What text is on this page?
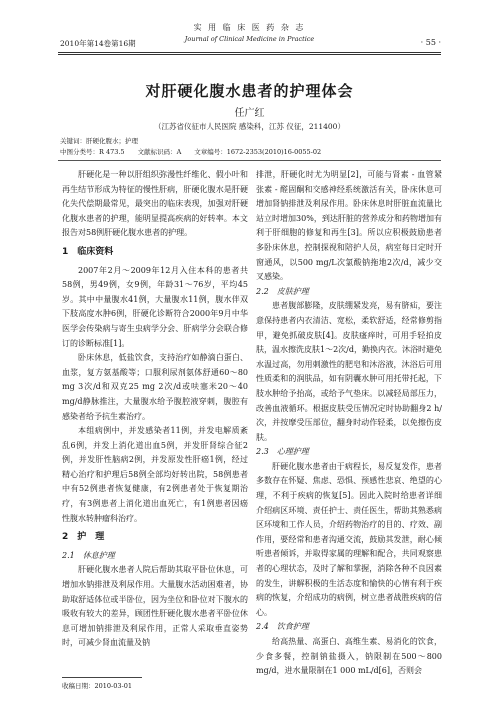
2010年第14卷第16期
实 用 临 床 医 药 杂 志
Journal of Clinical Medicine in Practice	· 55 ·
对肝硬化腹水患者的护理体会
任广红
（江苏省仪征市人民医院 感染科，江苏 仪征，211400）
关键词：肝硬化腹水；护理
中图分类号：R 473.5　　文献标识码：A　　文章编号：1672-2353(2010)16-0055-02

肝硬化是一种以肝组织弥漫性纤维化、假小叶和再生结节形成为特征的慢性肝病，肝硬化腹水是肝硬化失代偿期最常见，最突出的临床表现，加强对肝硬化腹水患者的护理，能明显提高疾病的好转率。本文报告对58例肝硬化腹水患者的护理。

1　临床资料

2007年2月～2009年12月入住本科的患者共58例，男49例，女9例，年龄31～76岁，平均45岁。其中中量腹水41例，大量腹水11例，腹水伴双下肢高度水肿6例，肝硬化诊断符合2000年9月中华医学会传染病与寄生虫病学分会、肝病学分会联合修订的诊断标准[1]。

卧床休息，低盐饮食，支持治疗如静滴白蛋白、血浆，复方氨基酸等；口服利尿剂氨体舒通60～80 mg 3次/d和双克25 mg 2次/d或呋塞米20～40 mg/d静脉推注，大量腹水给予腹腔液穿刺，腹腔有感染者给予抗生素治疗。

本组病例中，并发感染者11例，并发电解质紊乱6例，并发上消化道出血5例，并发肝肾综合征2例，并发肝性脑病2例，并发原发性肝癌1例，经过精心治疗和护理后58例全部均好转出院，58例患者中有52例患者恢复健康，有2例患者处于恢复期治疗，有3例患者上消化道出血死亡，有1例患者因癌性腹水转肿瘤科治疗。

2　护　理
2.1　休息护理

肝硬化腹水患者人院后帮助其取平卧位休息，可增加水钠排泄及利尿作用。大量腹水活动困难者，协助取舒适体位或半卧位，因为坐位和卧位对下腹水的吸收有较大的差异，顾团性肝硬化腹水患者平卧位休息可增加钠排泄及利尿作用，正常人采取垂直姿势时，可减少肾血流量及钠

排泄，肝硬化时尤为明显[2]，可能与肾素 - 血管紧张素 - 醛固酮和交感神经系统激活有关，卧床休息可增加肾钠排泄及利尿作用。卧床休息时肝脏血流量比站立时增加30%，到达肝脏的营养成分和药物增加有利于肝细胞的修复和再生[3]。所以应积极鼓励患者多卧床休息，控制探视和陪护人员，病室每日定时开窗通风，以500 mg/L次氯酸钠拖地2次/d，减少交叉感染。

2.2　皮肤护理

患者腹部膨隆，皮肤绷紧发亮，易有脐疝，要注意保持患者内衣清洁、宽松，柔软舒适，经常修剪指甲，避免抓破皮肤[4]。皮肤瘙痒时，可用手轻拍皮肤，温水擦洗皮肤1～2次/d，勤换内衣。沐浴时避免水温过高，勿用刺激性的肥皂和沐浴液，沐浴后可用性质柔和的润肤品，如有阴囊水肿可用托带托起，下肢水肿给予抬高，或给予气垫床。以减轻局部压力，改善血液循环。根据皮肤受压情况定时协助翻身2 h/次，并按摩受压部位，翻身时动作轻柔，以免擦伤皮肤。

2.3　心理护理

肝硬化腹水患者由于病程长，易反复发作，患者多数存在怀疑、焦虑、恐惧、预感性悲哀、绝望的心理，不利于疾病的恢复[5]。因此入院时给患者详细介绍病区环境、责任护士、责任医生，帮助其熟悉病区环境和工作人员，介绍药物治疗的目的、疗效、副作用，要经常和患者沟通交流，鼓励其发泄，耐心倾听患者倾诉，并取得家属的理解和配合，共同观察患者的心理状态，及时了解和掌握，消除各种不良因素的发生，讲解积极的生活态度和愉快的心情有利于疾病的恢复，介绍成功的病例，树立患者战胜疾病的信心。

2.4　饮食护理

给高热量、高蛋白、高维生素、易消化的饮食，少食多餐，控制钠盐摄入，钠限制在500～800 mg/d，进水量限制在1 000 mL/d[6]，否则会

收稿日期：2010-03-01
